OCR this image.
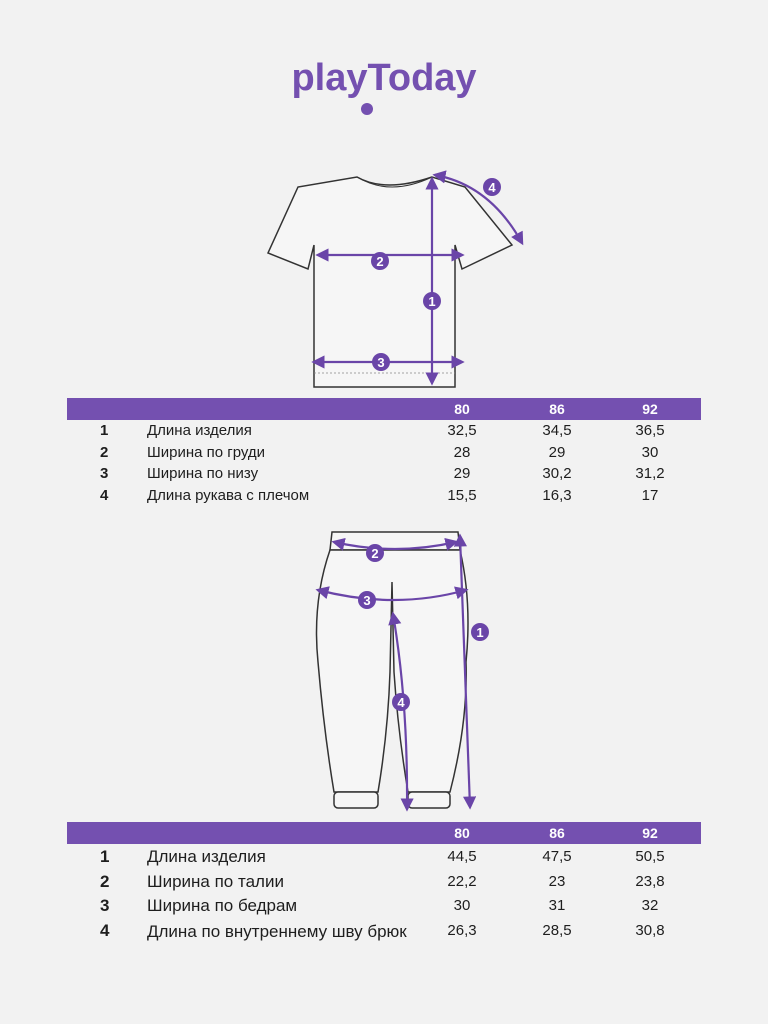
playToday
1
2
3
4
80	86	92
1	Длина изделия	32,5	34,5	36,5
2	Ширина по груди	28	29	30
3	Ширина по низу	29	30,2	31,2
4	Длина рукава с плечом	15,5	16,3	17
1
2
3
4
80	86	92
1 Длина изделия	44,5	47,5	50,5
2 Ширина по талии	22,2	23	23,8
3 Ширина по бедрам	30	31	32
4 Длина по внутреннему шву брюк	26,3	28,5	30,8
